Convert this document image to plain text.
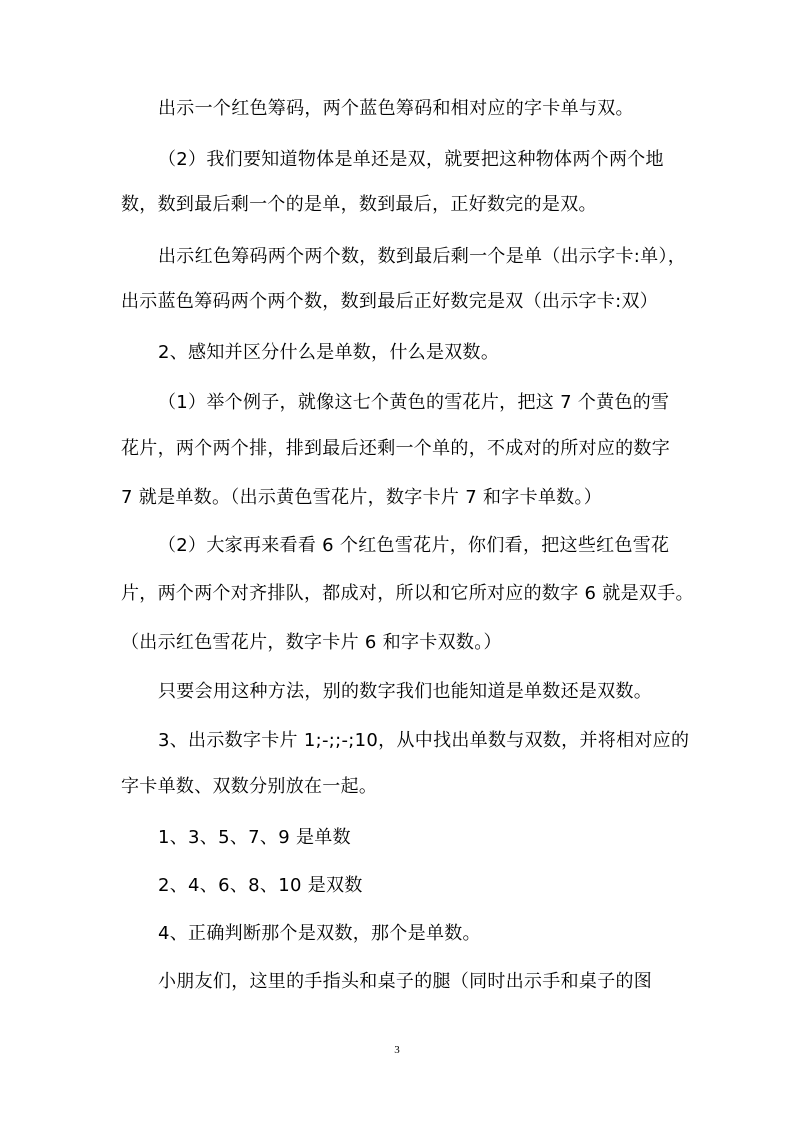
出示一个红色筹码，两个蓝色筹码和相对应的字卡单与双。
（2）我们要知道物体是单还是双，就要把这种物体两个两个地
数，数到最后剩一个的是单，数到最后，正好数完的是双。
出示红色筹码两个两个数，数到最后剩一个是单（出示字卡:单），
出示蓝色筹码两个两个数，数到最后正好数完是双（出示字卡:双）
2、感知并区分什么是单数，什么是双数。
（1）举个例子，就像这七个黄色的雪花片，把这 7 个黄色的雪
花片，两个两个排，排到最后还剩一个单的，不成对的所对应的数字
7 就是单数。（出示黄色雪花片，数字卡片 7 和字卡单数。）
（2）大家再来看看 6 个红色雪花片，你们看，把这些红色雪花
片，两个两个对齐排队，都成对，所以和它所对应的数字 6 就是双手。
（出示红色雪花片，数字卡片 6 和字卡双数。）
只要会用这种方法，别的数字我们也能知道是单数还是双数。
3、出示数字卡片 1;-;;-;10，从中找出单数与双数，并将相对应的
字卡单数、双数分别放在一起。
1、3、5、7、9 是单数
2、4、6、8、10 是双数
4、正确判断那个是双数，那个是单数。
小朋友们，这里的手指头和桌子的腿（同时出示手和桌子的图
3
